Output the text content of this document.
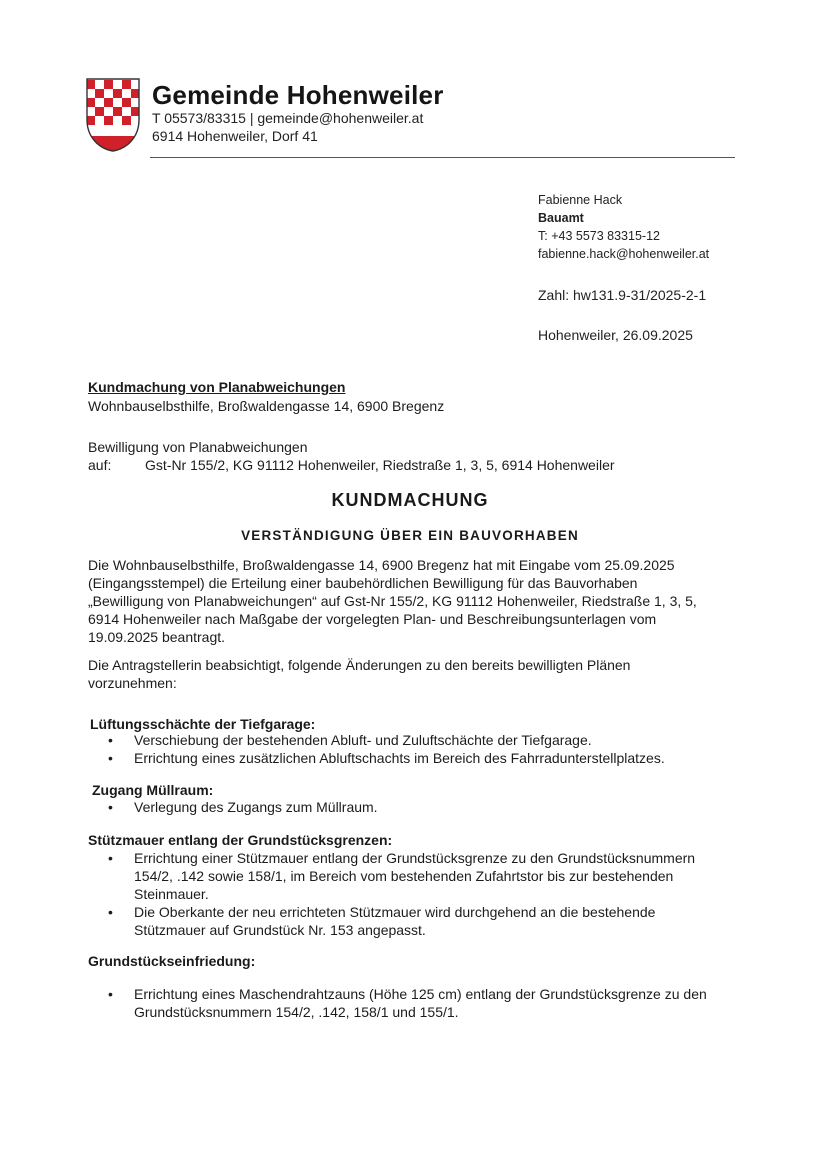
Gemeinde Hohenweiler
T 05573/83315 | gemeinde@hohenweiler.at
6914 Hohenweiler, Dorf 41
Fabienne Hack
Bauamt
T: +43 5573 83315-12
fabienne.hack@hohenweiler.at
Zahl: hw131.9-31/2025-2-1
Hohenweiler, 26.09.2025
Kundmachung von Planabweichungen
Wohnbauselbsthilfe, Broßwaldengasse 14, 6900 Bregenz
Bewilligung von Planabweichungen
auf: Gst-Nr 155/2, KG 91112 Hohenweiler, Riedstraße 1, 3, 5, 6914 Hohenweiler
KUNDMACHUNG
VERSTÄNDIGUNG ÜBER EIN BAUVORHABEN
Die Wohnbauselbsthilfe, Broßwaldengasse 14, 6900 Bregenz hat mit Eingabe vom 25.09.2025
(Eingangsstempel) die Erteilung einer baubehördlichen Bewilligung für das Bauvorhaben
„Bewilligung von Planabweichungen“ auf Gst-Nr 155/2, KG 91112 Hohenweiler, Riedstraße 1, 3, 5,
6914 Hohenweiler nach Maßgabe der vorgelegten Plan- und Beschreibungsunterlagen vom
19.09.2025 beantragt.
Die Antragstellerin beabsichtigt, folgende Änderungen zu den bereits bewilligten Plänen
vorzunehmen:
Lüftungsschächte der Tiefgarage:
•	Verschiebung der bestehenden Abluft- und Zuluftschächte der Tiefgarage.
•	Errichtung eines zusätzlichen Abluftschachts im Bereich des Fahrradunterstellplatzes.
Zugang Müllraum:
•	Verlegung des Zugangs zum Müllraum.
Stützmauer entlang der Grundstücksgrenzen:
•	Errichtung einer Stützmauer entlang der Grundstücksgrenze zu den Grundstücksnummern
154/2, .142 sowie 158/1, im Bereich vom bestehenden Zufahrtstor bis zur bestehenden
Steinmauer.
•	Die Oberkante der neu errichteten Stützmauer wird durchgehend an die bestehende
Stützmauer auf Grundstück Nr. 153 angepasst.
Grundstückseinfriedung:
•	Errichtung eines Maschendrahtzauns (Höhe 125 cm) entlang der Grundstücksgrenze zu den
Grundstücksnummern 154/2, .142, 158/1 und 155/1.
